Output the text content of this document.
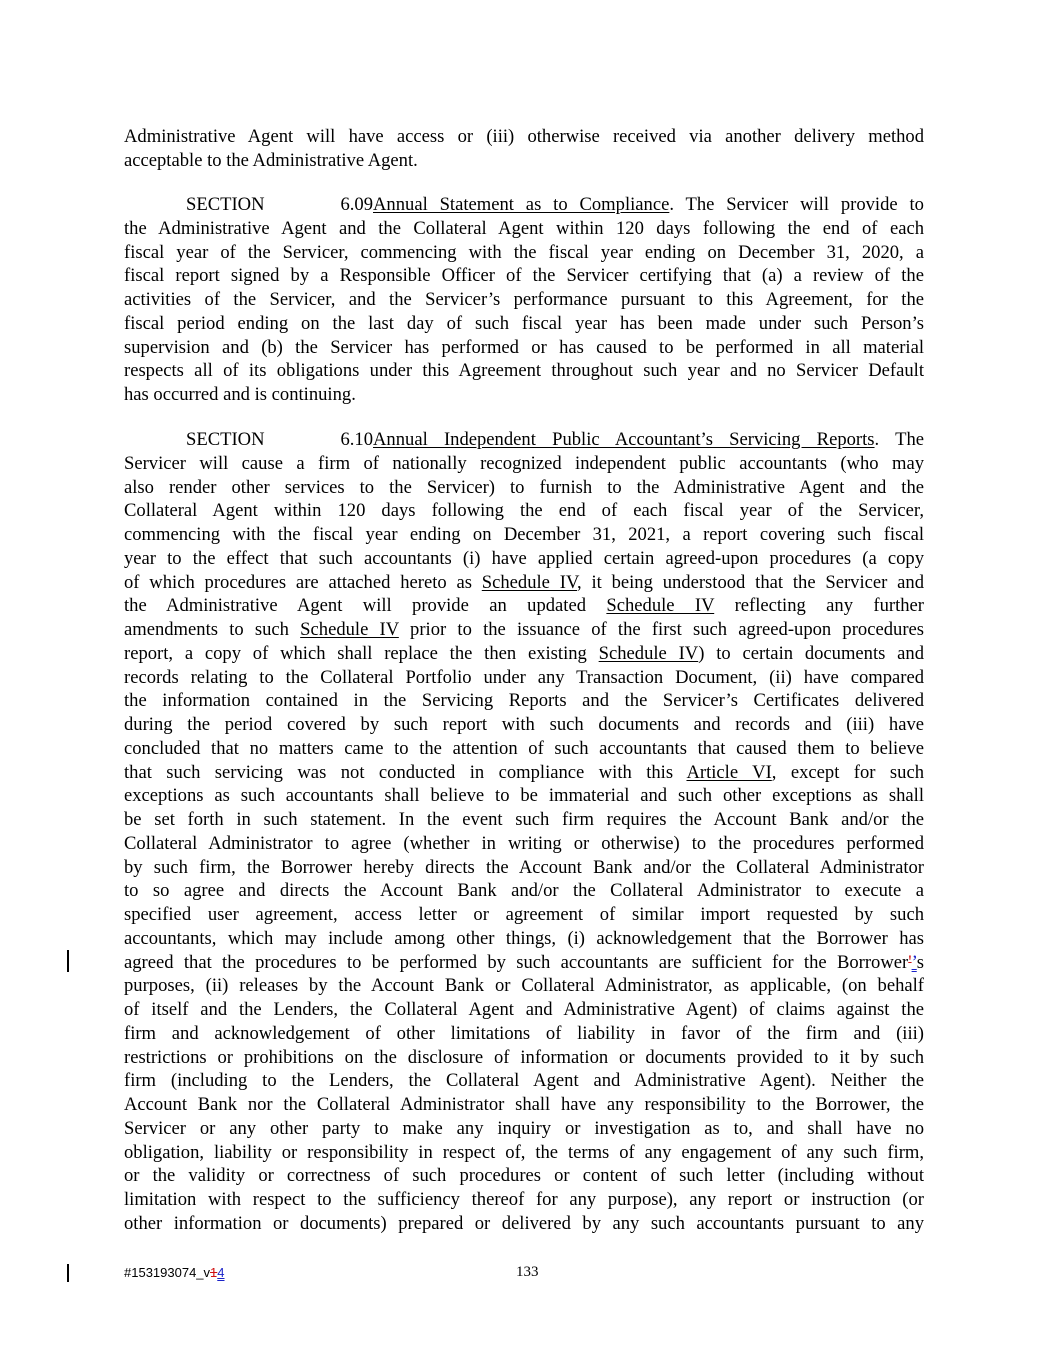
Administrative Agent will have access or (iii) otherwise received via another delivery method
acceptable to the Administrative Agent.
SECTION 6.09Annual Statement as to Compliance. The Servicer will provide to
the Administrative Agent and the Collateral Agent within 120 days following the end of each
fiscal year of the Servicer, commencing with the fiscal year ending on December 31, 2020, a
fiscal report signed by a Responsible Officer of the Servicer certifying that (a) a review of the
activities of the Servicer, and the Servicer’s performance pursuant to this Agreement, for the
fiscal period ending on the last day of such fiscal year has been made under such Person’s
supervision and (b) the Servicer has performed or has caused to be performed in all material
respects all of its obligations under this Agreement throughout such year and no Servicer Default
has occurred and is continuing.
SECTION 6.10Annual Independent Public Accountant’s Servicing Reports. The
Servicer will cause a firm of nationally recognized independent public accountants (who may
also render other services to the Servicer) to furnish to the Administrative Agent and the
Collateral Agent within 120 days following the end of each fiscal year of the Servicer,
commencing with the fiscal year ending on December 31, 2021, a report covering such fiscal
year to the effect that such accountants (i) have applied certain agreed-upon procedures (a copy
of which procedures are attached hereto as Schedule IV, it being understood that the Servicer and
the Administrative Agent will provide an updated Schedule IV reflecting any further
amendments to such Schedule IV prior to the issuance of the first such agreed-upon procedures
report, a copy of which shall replace the then existing Schedule IV) to certain documents and
records relating to the Collateral Portfolio under any Transaction Document, (ii) have compared
the information contained in the Servicing Reports and the Servicer’s Certificates delivered
during the period covered by such report with such documents and records and (iii) have
concluded that no matters came to the attention of such accountants that caused them to believe
that such servicing was not conducted in compliance with this Article VI, except for such
exceptions as such accountants shall believe to be immaterial and such other exceptions as shall
be set forth in such statement. In the event such firm requires the Account Bank and/or the
Collateral Administrator to agree (whether in writing or otherwise) to the procedures performed
by such firm, the Borrower hereby directs the Account Bank and/or the Collateral Administrator
to so agree and directs the Account Bank and/or the Collateral Administrator to execute a
specified user agreement, access letter or agreement of similar import requested by such
accountants, which may include among other things, (i) acknowledgement that the Borrower has
agreed that the procedures to be performed by such accountants are sufficient for the Borrower'’s
purposes, (ii) releases by the Account Bank or Collateral Administrator, as applicable, (on behalf
of itself and the Lenders, the Collateral Agent and Administrative Agent) of claims against the
firm and acknowledgement of other limitations of liability in favor of the firm and (iii)
restrictions or prohibitions on the disclosure of information or documents provided to it by such
firm (including to the Lenders, the Collateral Agent and Administrative Agent). Neither the
Account Bank nor the Collateral Administrator shall have any responsibility to the Borrower, the
Servicer or any other party to make any inquiry or investigation as to, and shall have no
obligation, liability or responsibility in respect of, the terms of any engagement of any such firm,
or the validity or correctness of such procedures or content of such letter (including without
limitation with respect to the sufficiency thereof for any purpose), any report or instruction (or
other information or documents) prepared or delivered by any such accountants pursuant to any
#153193074_v14	133
